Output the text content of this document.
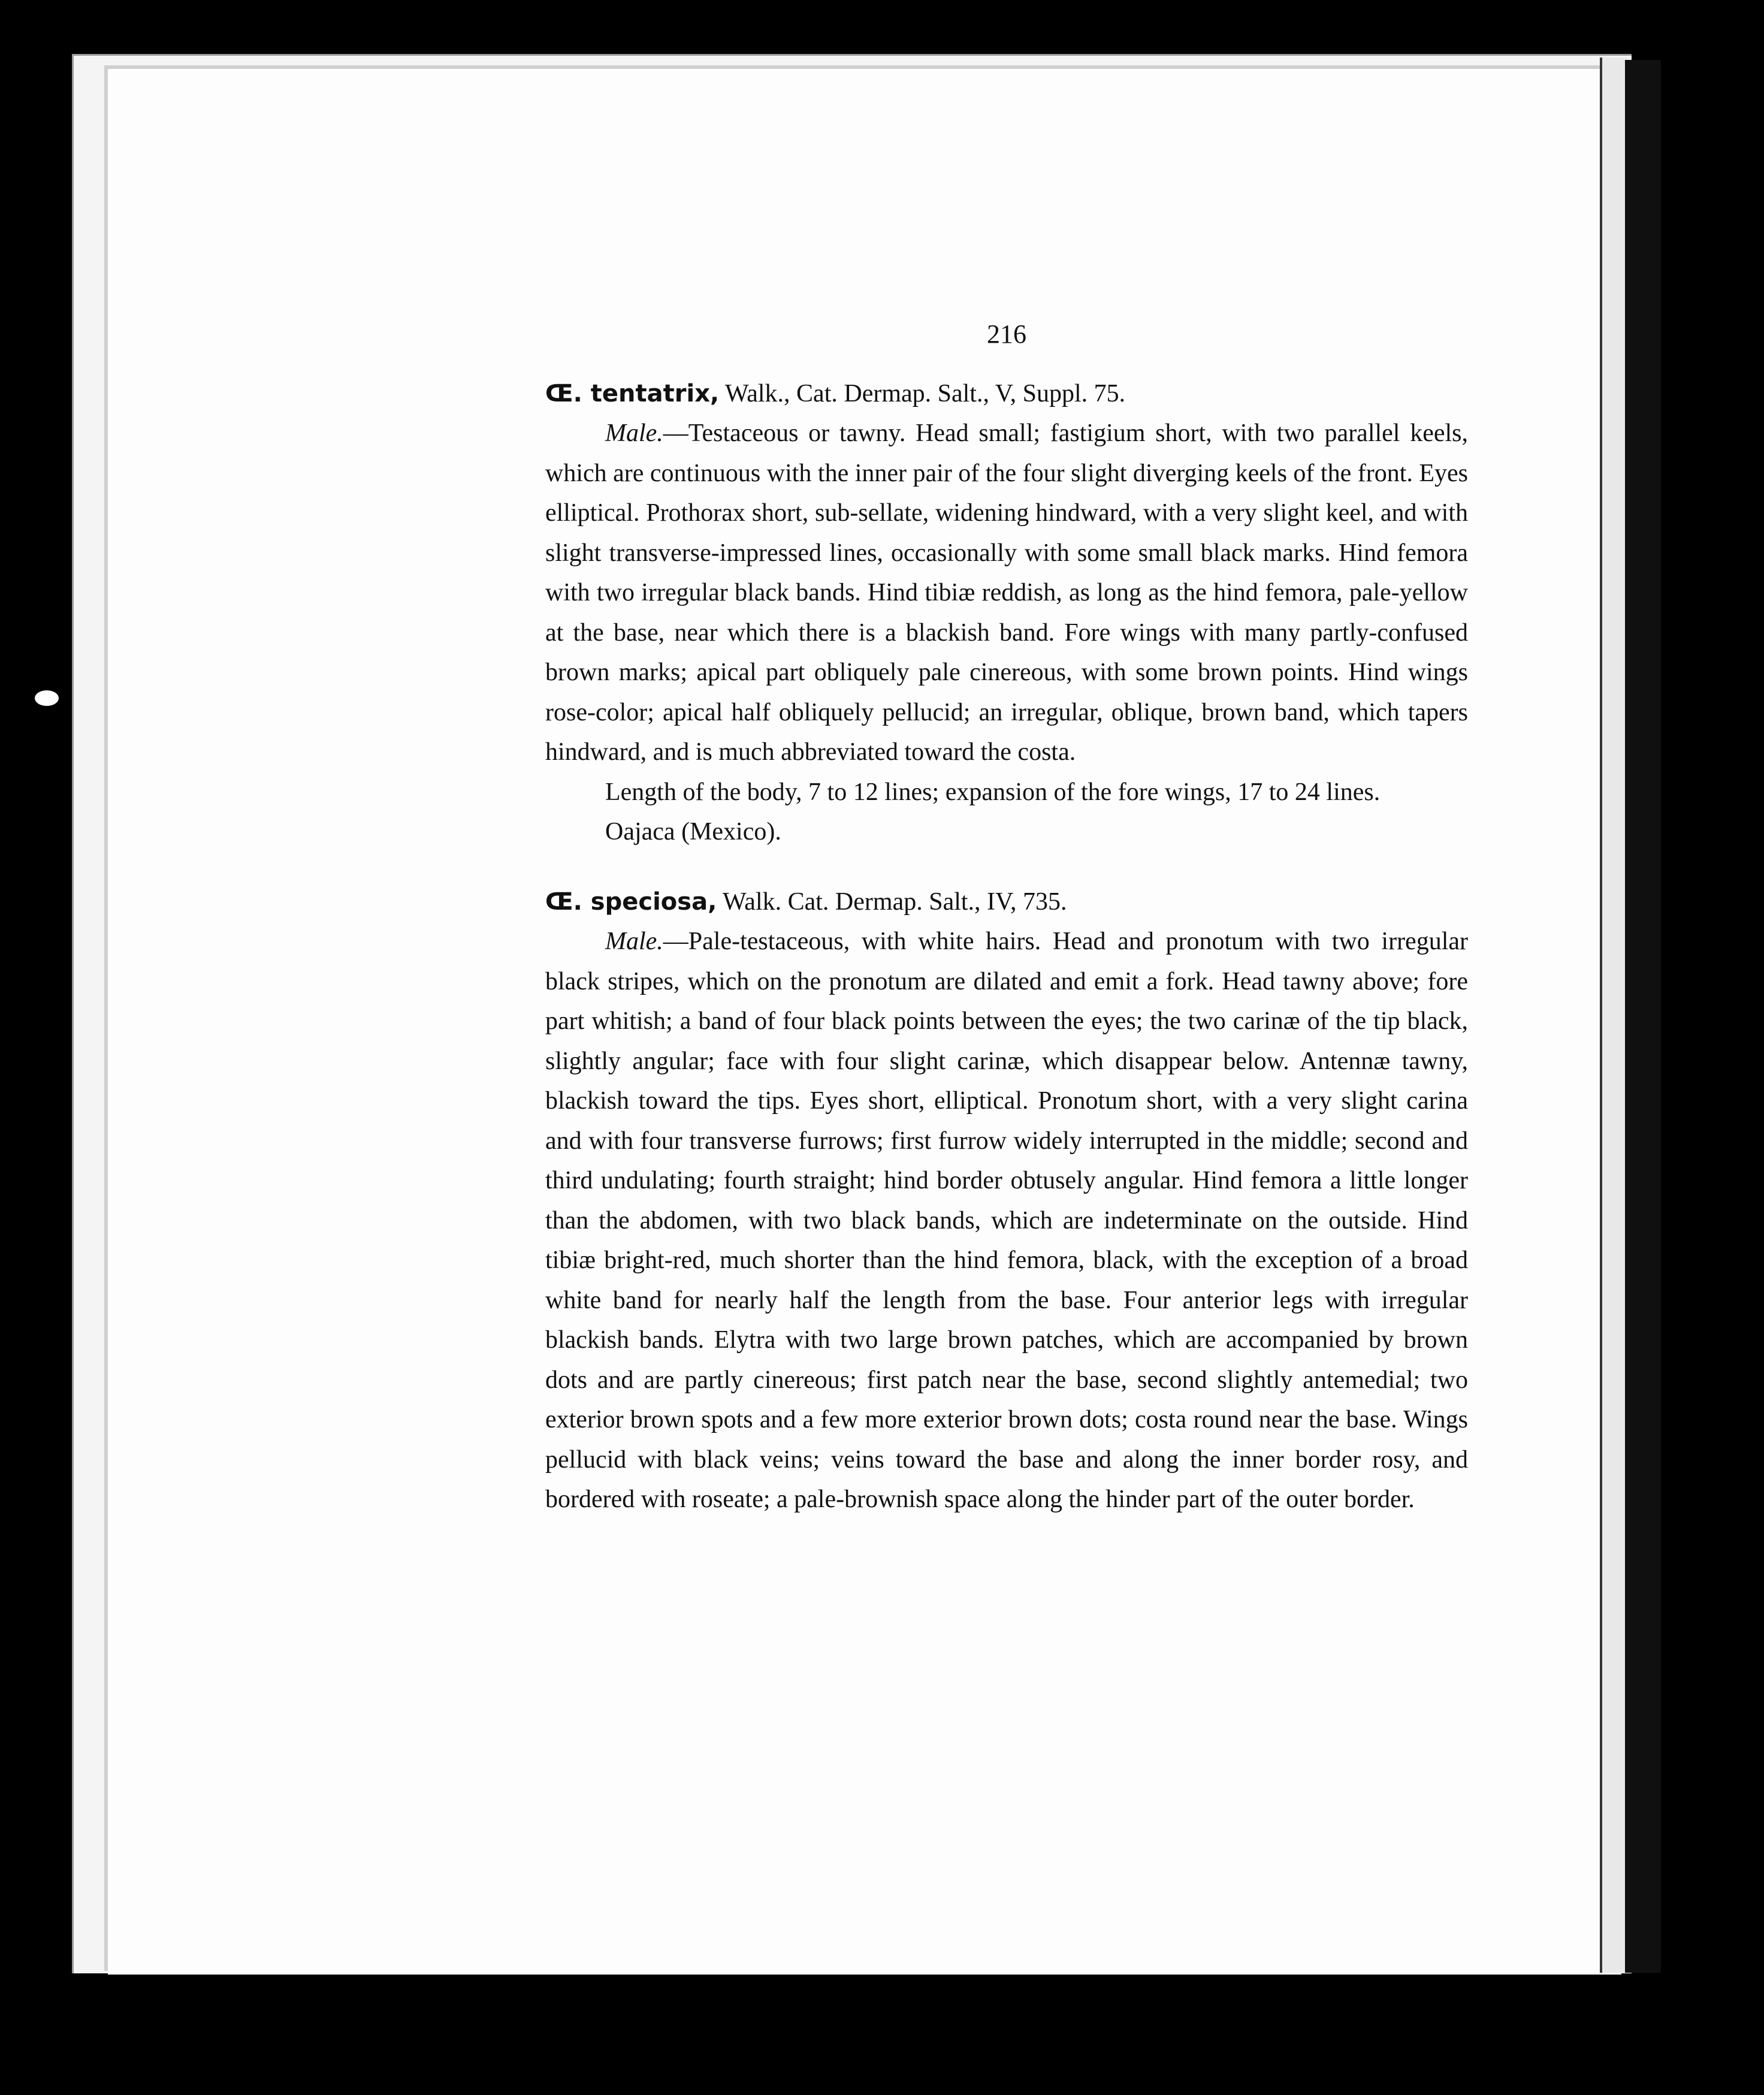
216

Œ. tentatrix, Walk., Cat. Dermap. Salt., V, Suppl. 75.

Male.—Testaceous or tawny. Head small; fastigium short, with two parallel keels, which are continuous with the inner pair of the four slight diverging keels of the front. Eyes elliptical. Prothorax short, sub-sellate, widening hindward, with a very slight keel, and with slight transverse-impressed lines, occasionally with some small black marks. Hind femora with two irregular black bands. Hind tibiæ reddish, as long as the hind femora, pale-yellow at the base, near which there is a blackish band. Fore wings with many partly-confused brown marks; apical part obliquely pale cinereous, with some brown points. Hind wings rose-color; apical half obliquely pellucid; an irregular, oblique, brown band, which tapers hindward, and is much abbreviated toward the costa.

Length of the body, 7 to 12 lines; expansion of the fore wings, 17 to 24 lines.

Oajaca (Mexico).

Œ. speciosa, Walk. Cat. Dermap. Salt., IV, 735.

Male.—Pale-testaceous, with white hairs. Head and pronotum with two irregular black stripes, which on the pronotum are dilated and emit a fork. Head tawny above; fore part whitish; a band of four black points between the eyes; the two carinæ of the tip black, slightly angular; face with four slight carinæ, which disappear below. Antennæ tawny, blackish toward the tips. Eyes short, elliptical. Pronotum short, with a very slight carina and with four transverse furrows; first furrow widely interrupted in the middle; second and third undulating; fourth straight; hind border obtusely angular. Hind femora a little longer than the abdomen, with two black bands, which are indeterminate on the outside. Hind tibiæ bright-red, much shorter than the hind femora, black, with the exception of a broad white band for nearly half the length from the base. Four anterior legs with irregular blackish bands. Elytra with two large brown patches, which are accompanied by brown dots and are partly cinereous; first patch near the base, second slightly antemedial; two exterior brown spots and a few more exterior brown dots; costa round near the base. Wings pellucid with black veins; veins toward the base and along the inner border rosy, and bordered with roseate; a pale-brownish space along the hinder part of the outer border.
